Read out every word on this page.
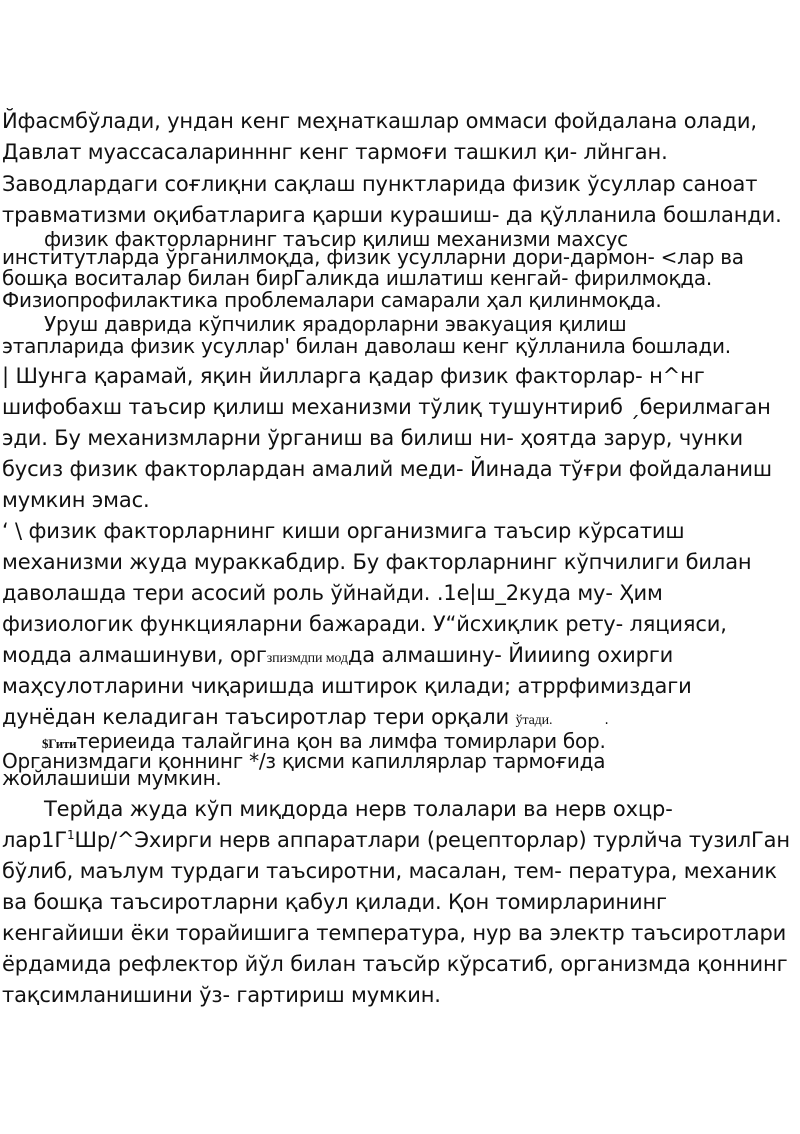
Йфасмбўлади, ундан кенг меҳнаткашлар оммаси фойдалана олади,
Давлат муассасаларинннг кенг тармоғи ташкил қи- лйнган.
Заводлардаги соғлиқни сақлаш пунктларида физик ўсуллар саноат
травматизми оқибатларига қарши курашиш- да қўлланила бошланди.
физик факторларнинг таъсир қилиш механизми махсус
институтларда ўрганилмоқда, физик усулларни дори-дармон- <лар ва
бошқа воситалар билан бирГаликда ишлатиш кенгай- фирилмоқда.
Физиопрофилактика проблемалари самарали ҳал қилинмоқда.
Уруш даврида кўпчилик ярадорларни эвакуация қилиш
этапларида физик усуллар' билан даволаш кенг қўлланила бошлади.
| Шунга қарамай, яқин йилларга қадар физик факторлар- н^нг
шифобахш таъсир қилиш механизми тўлиқ тушунтириб ˏберилмаган
эди. Бу механизмларни ўрганиш ва билиш ни- ҳоятда зарур, чунки
бусиз физик факторлардан амалий меди- Йинада тўғри фойдаланиш
мумкин эмас.
‘ \ физик факторларнинг киши организмига таъсир кўрсатиш
механизми жуда мураккабдир. Бу факторларнинг кўпчилиги билан
даволашда тери асосий роль ўйнайди. .1е|ш_2куда му- Ҳим
физиологик функцияларни бажаради. У“йсхиқлик рету- ляцияси,
модда алмашинуви, оргзпизмдпи модда алмашину- Йиииng охирги
маҳсулотларини чиқаришда иштирок қилади; атррфимиздаги
дунёдан келадиган таъсиротлар тери орқали ўтади.	.
$Гититериеида талайгина қон ва лимфа томирлари бор.
Организмдаги қоннинг */з қисми капиллярлар тармоғида
жойлашиши мумкин.
Терйда жуда кўп миқдорда нерв толалари ва нерв охцр-
$лар1Г^1Шр/\^{}Эхирги$ нерв аппаратлари (рецепторлар) турлйча тузилГан
бўлиб, маълум турдаги таъсиротни, масалан, тем- пература, механик
ва бошқа таъсиротларни қабул қилади. Қон томирларининг
кенгайиши ёки торайишига температура, нур ва электр таъсиротлари
ёрдамида рефлектор йўл билан таъсйр кўрсатиб, организмда қоннинг
тақсимланишини ўз- гартириш мумкин.
